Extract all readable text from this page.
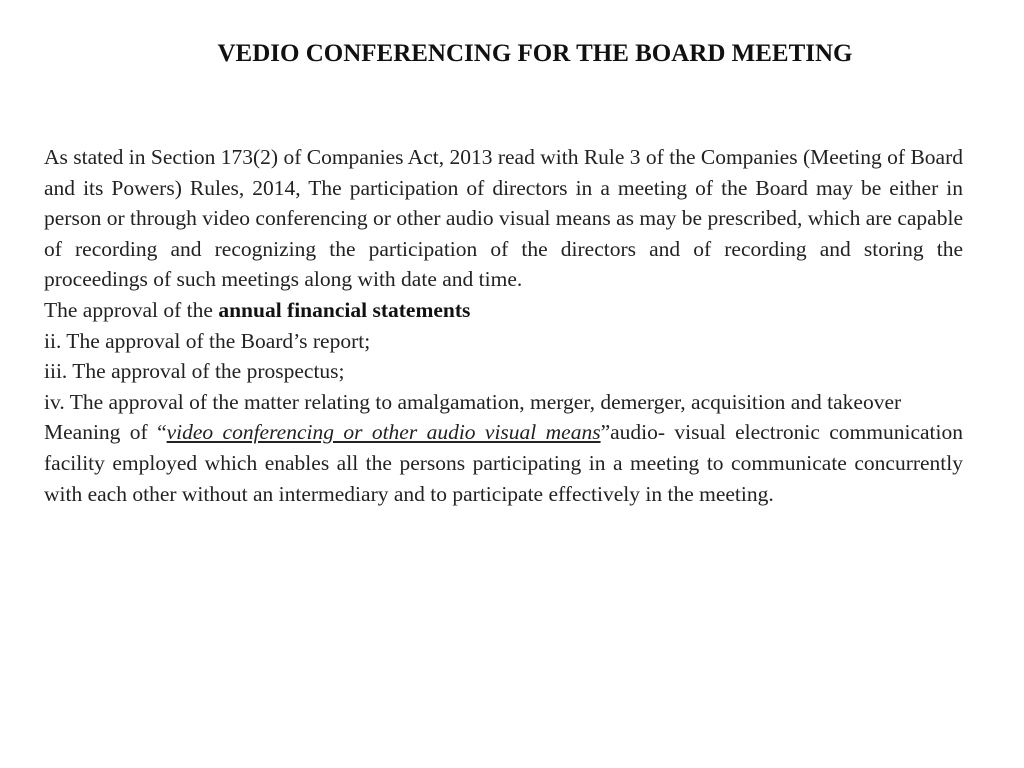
VEDIO CONFERENCING FOR THE BOARD MEETING

As stated in Section 173(2) of Companies Act, 2013 read with Rule 3 of the Companies (Meeting of Board and its Powers) Rules, 2014, The participation of directors in a meeting of the Board may be either in person or through video conferencing or other audio visual means as may be prescribed, which are capable of recording and recognizing the participation of the directors and of recording and storing the proceedings of such meetings along with date and time.

The approval of the annual financial statements

ii. The approval of the Board’s report;

iii. The approval of the prospectus;

iv. The approval of the matter relating to amalgamation, merger, demerger, acquisition and takeover

Meaning of “video conferencing or other audio visual means”audio- visual electronic communication facility employed which enables all the persons participating in a meeting to communicate concurrently with each other without an intermediary and to participate effectively in the meeting.
